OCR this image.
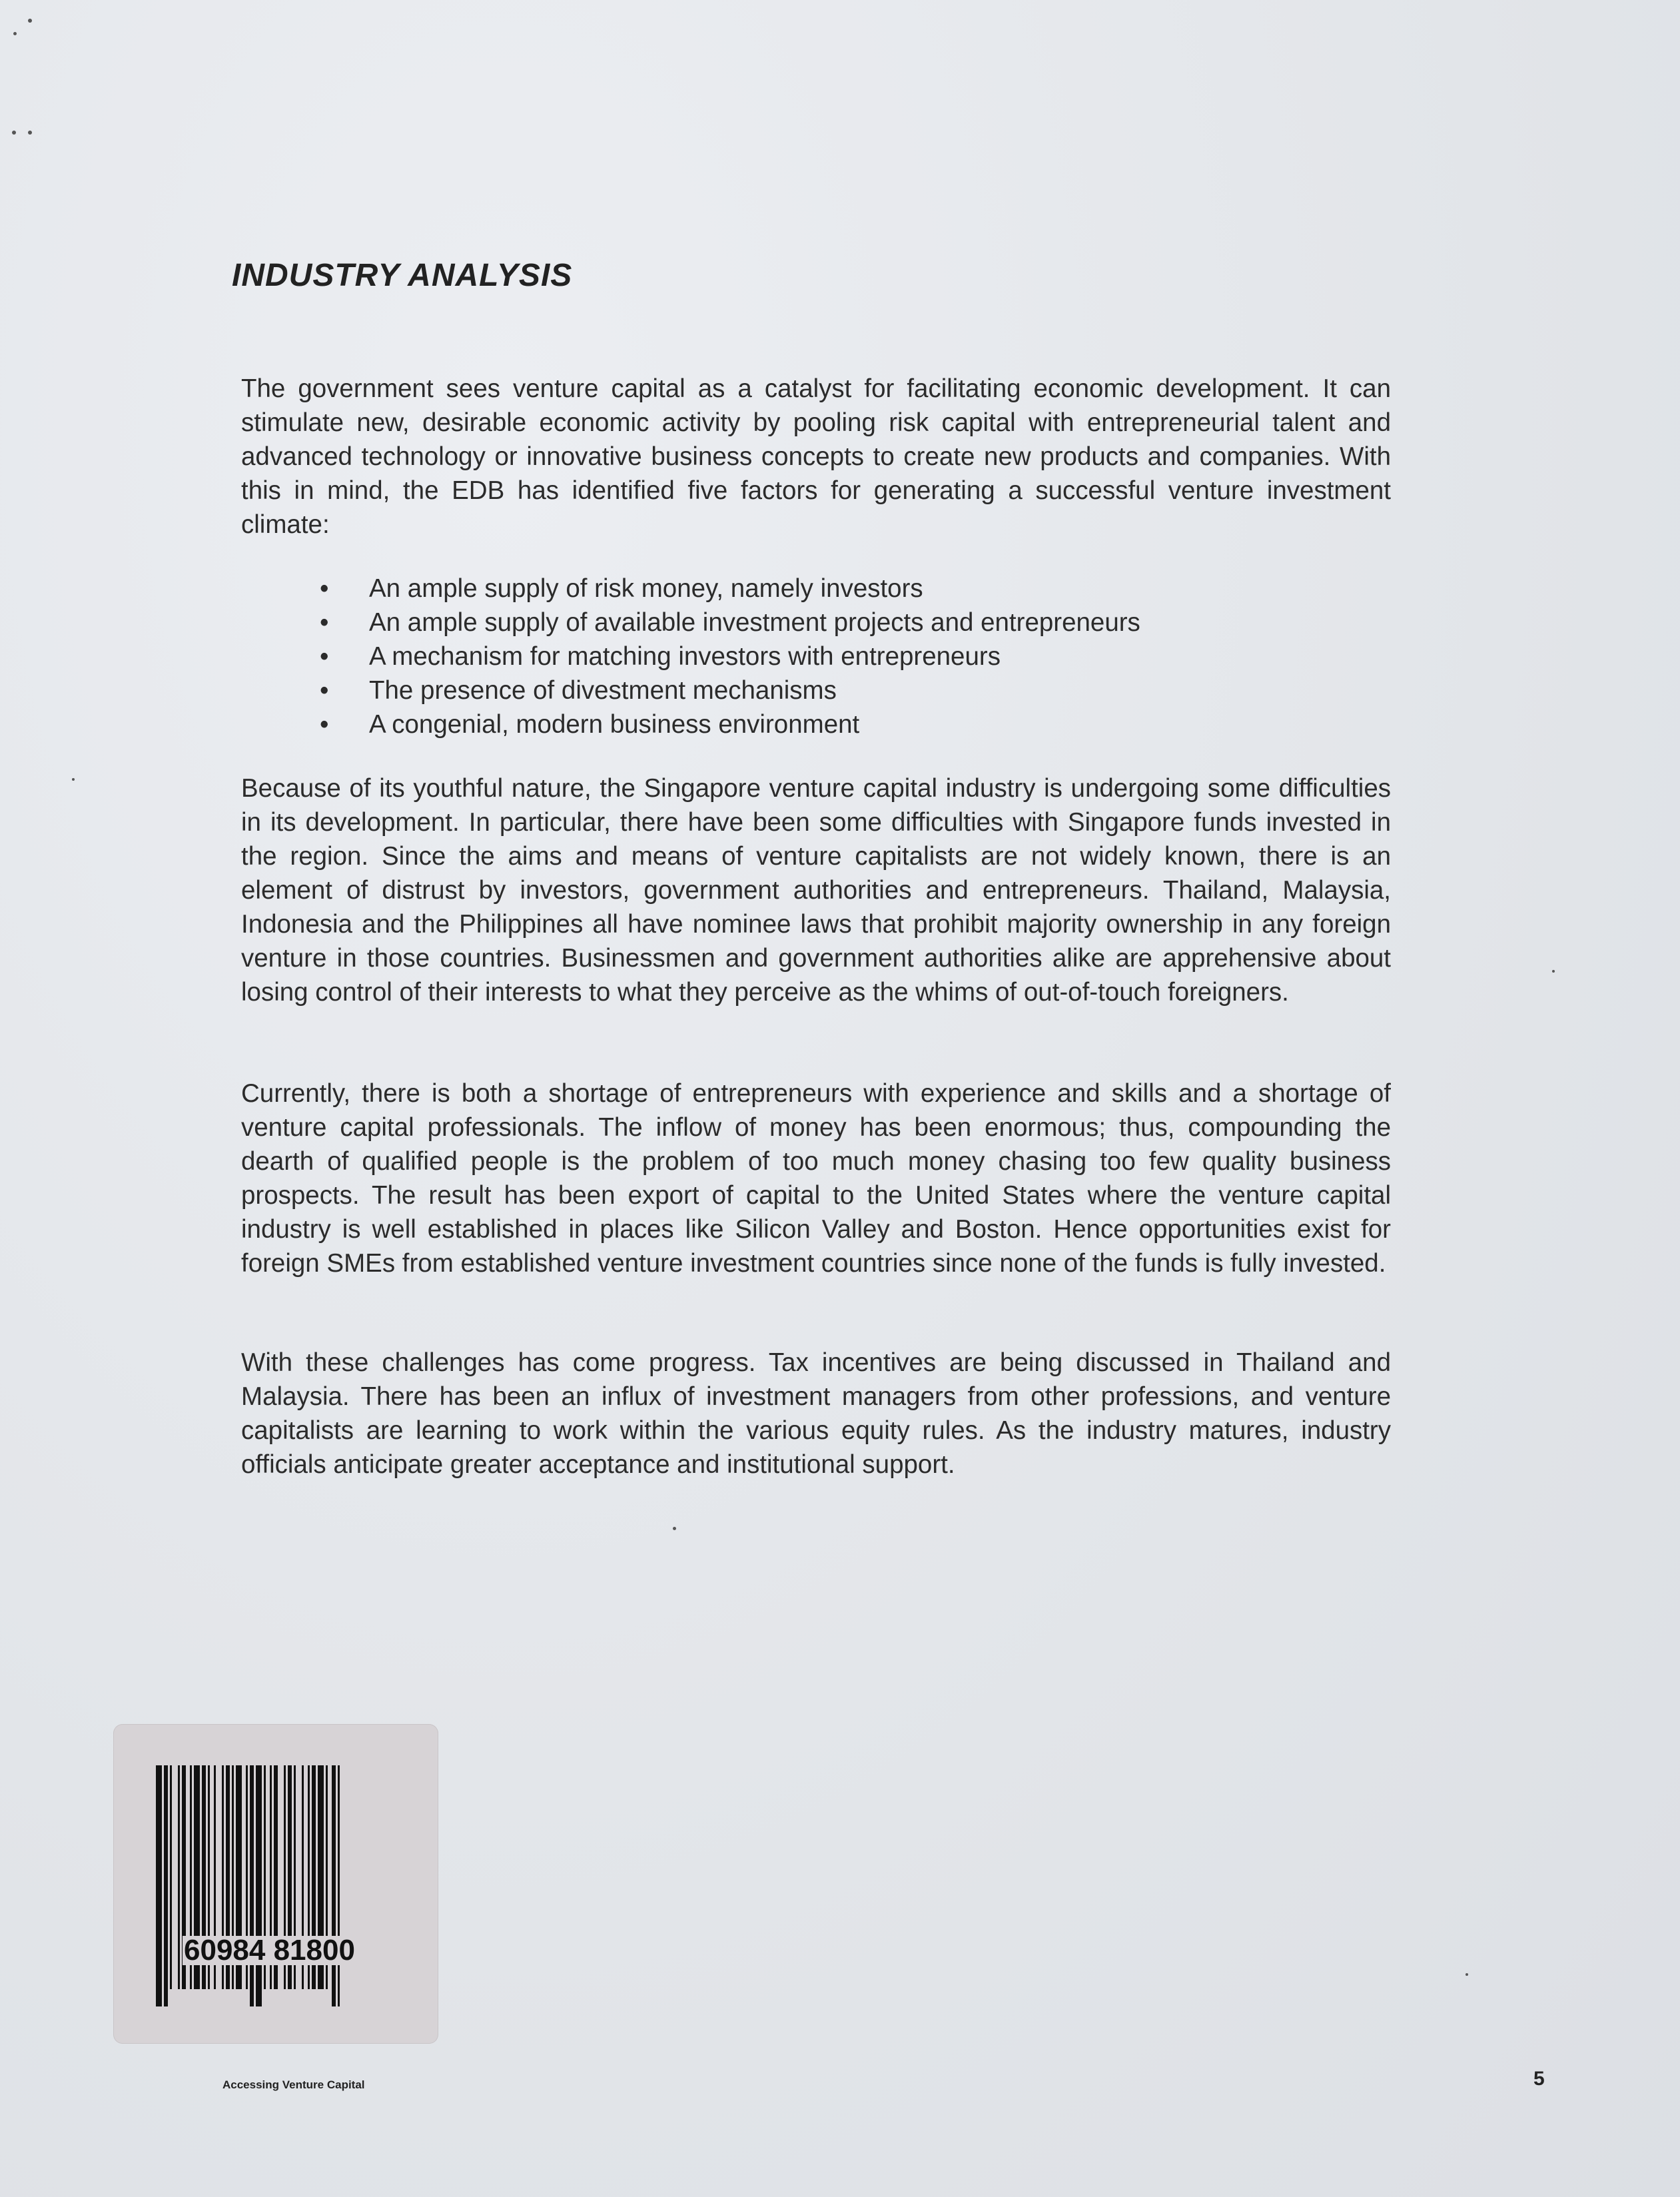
INDUSTRY ANALYSIS

The government sees venture capital as a catalyst for facilitating economic development. It can stimulate new, desirable economic activity by pooling risk capital with entrepreneurial talent and advanced technology or innovative business concepts to create new products and companies. With this in mind, the EDB has identified five factors for generating a successful venture investment climate:

• An ample supply of risk money, namely investors
• An ample supply of available investment projects and entrepreneurs
• A mechanism for matching investors with entrepreneurs
• The presence of divestment mechanisms
• A congenial, modern business environment

Because of its youthful nature, the Singapore venture capital industry is undergoing some difficulties in its development. In particular, there have been some difficulties with Singapore funds invested in the region. Since the aims and means of venture capitalists are not widely known, there is an element of distrust by investors, government authorities and entrepreneurs. Thailand, Malaysia, Indonesia and the Philippines all have nominee laws that prohibit majority ownership in any foreign venture in those countries. Businessmen and government authorities alike are apprehensive about losing control of their interests to what they perceive as the whims of out-of-touch foreigners.

Currently, there is both a shortage of entrepreneurs with experience and skills and a shortage of venture capital professionals. The inflow of money has been enormous; thus, compounding the dearth of qualified people is the problem of too much money chasing too few quality business prospects. The result has been export of capital to the United States where the venture capital industry is well established in places like Silicon Valley and Boston. Hence opportunities exist for foreign SMEs from established venture investment countries since none of the funds is fully invested.

With these challenges has come progress. Tax incentives are being discussed in Thailand and Malaysia. There has been an influx of investment managers from other professions, and venture capitalists are learning to work within the various equity rules. As the industry matures, industry officials anticipate greater acceptance and institutional support.

60984 81800
Accessing Venture Capital	5
